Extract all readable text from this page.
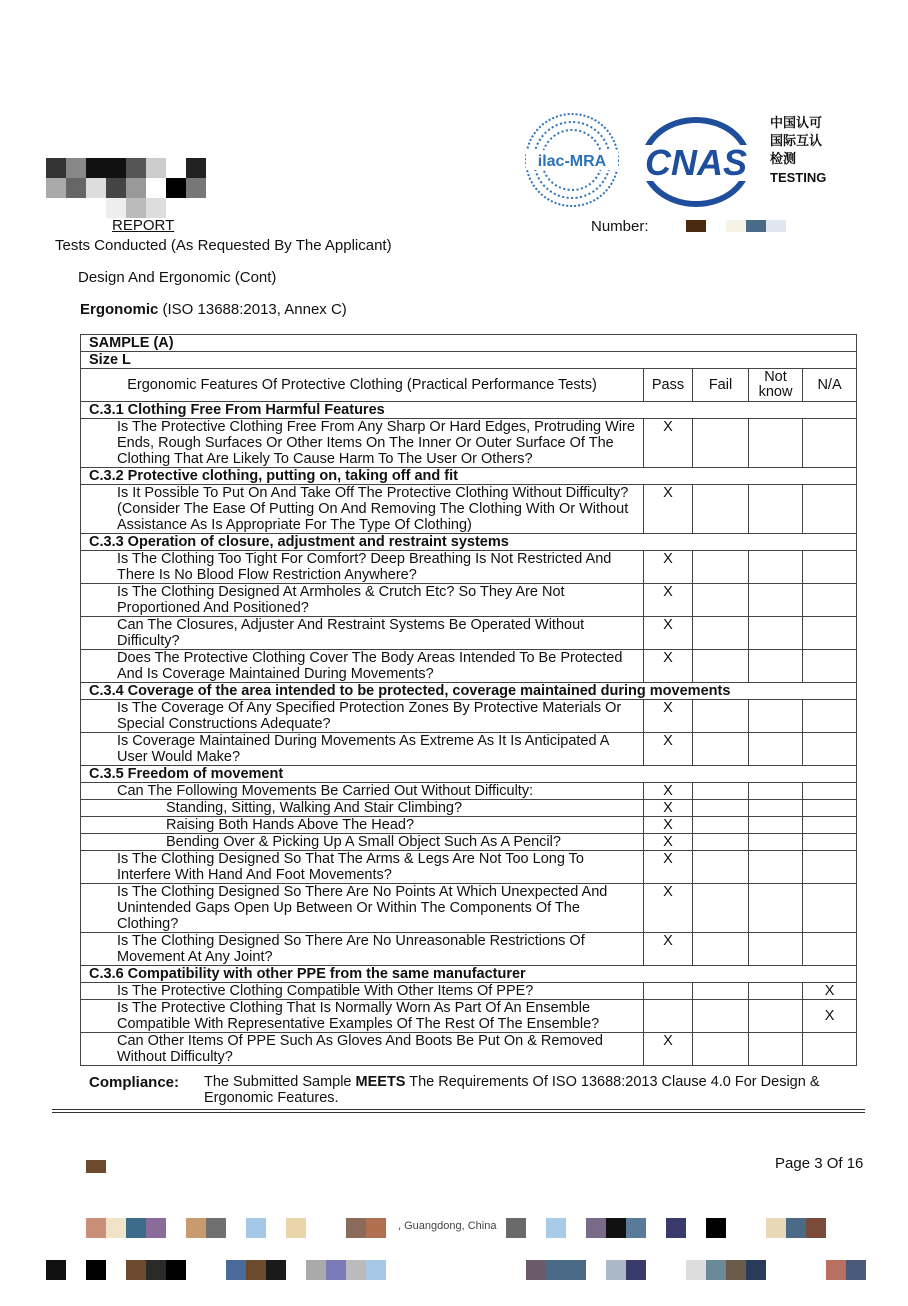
ilac-MRA CNAS
中国认可
国际互认
检测
TESTING
REPORT	Number:
Tests Conducted (As Requested By The Applicant)
Design And Ergonomic (Cont)
Ergonomic (ISO 13688:2013, Annex C)
SAMPLE (A)				
Size L				
Ergonomic Features Of Protective Clothing (Practical Performance Tests)	Pass	Fail	Not know	N/A
C.3.1 Clothing Free From Harmful Features				
Is The Protective Clothing Free From Any Sharp Or Hard Edges, Protruding Wire Ends, Rough Surfaces Or Other Items On The Inner Or Outer Surface Of The Clothing That Are Likely To Cause Harm To The User Or Others?	X			
C.3.2 Protective clothing, putting on, taking off and fit				
Is It Possible To Put On And Take Off The Protective Clothing Without Difficulty? (Consider The Ease Of Putting On And Removing The Clothing With Or Without Assistance As Is Appropriate For The Type Of Clothing)	X			
C.3.3 Operation of closure, adjustment and restraint systems				
Is The Clothing Too Tight For Comfort? Deep Breathing Is Not Restricted And There Is No Blood Flow Restriction Anywhere?	X			
Is The Clothing Designed At Armholes & Crutch Etc? So They Are Not Proportioned And Positioned?	X			
Can The Closures, Adjuster And Restraint Systems Be Operated Without Difficulty?	X			
Does The Protective Clothing Cover The Body Areas Intended To Be Protected And Is Coverage Maintained During Movements?	X			
C.3.4 Coverage of the area intended to be protected, coverage maintained during movements				
Is The Coverage Of Any Specified Protection Zones By Protective Materials Or Special Constructions Adequate?	X			
Is Coverage Maintained During Movements As Extreme As It Is Anticipated A User Would Make?	X			
C.3.5 Freedom of movement				
Can The Following Movements Be Carried Out Without Difficulty:	X			
Standing, Sitting, Walking And Stair Climbing?	X			
Raising Both Hands Above The Head?	X			
Bending Over & Picking Up A Small Object Such As A Pencil?	X			
Is The Clothing Designed So That The Arms & Legs Are Not Too Long To Interfere With Hand And Foot Movements?	X			
Is The Clothing Designed So There Are No Points At Which Unexpected And Unintended Gaps Open Up Between Or Within The Components Of The Clothing?	X			
Is The Clothing Designed So There Are No Unreasonable Restrictions Of Movement At Any Joint?	X			
C.3.6 Compatibility with other PPE from the same manufacturer				
Is The Protective Clothing Compatible With Other Items Of PPE?				X
Is The Protective Clothing That Is Normally Worn As Part Of An Ensemble Compatible With Representative Examples Of The Rest Of The Ensemble?				X
Can Other Items Of PPE Such As Gloves And Boots Be Put On & Removed Without Difficulty?	X			
Compliance: The Submitted Sample MEETS The Requirements Of ISO 13688:2013 Clause 4.0 For Design & Ergonomic Features.
Page 3 Of 16
, Guangdong, China
